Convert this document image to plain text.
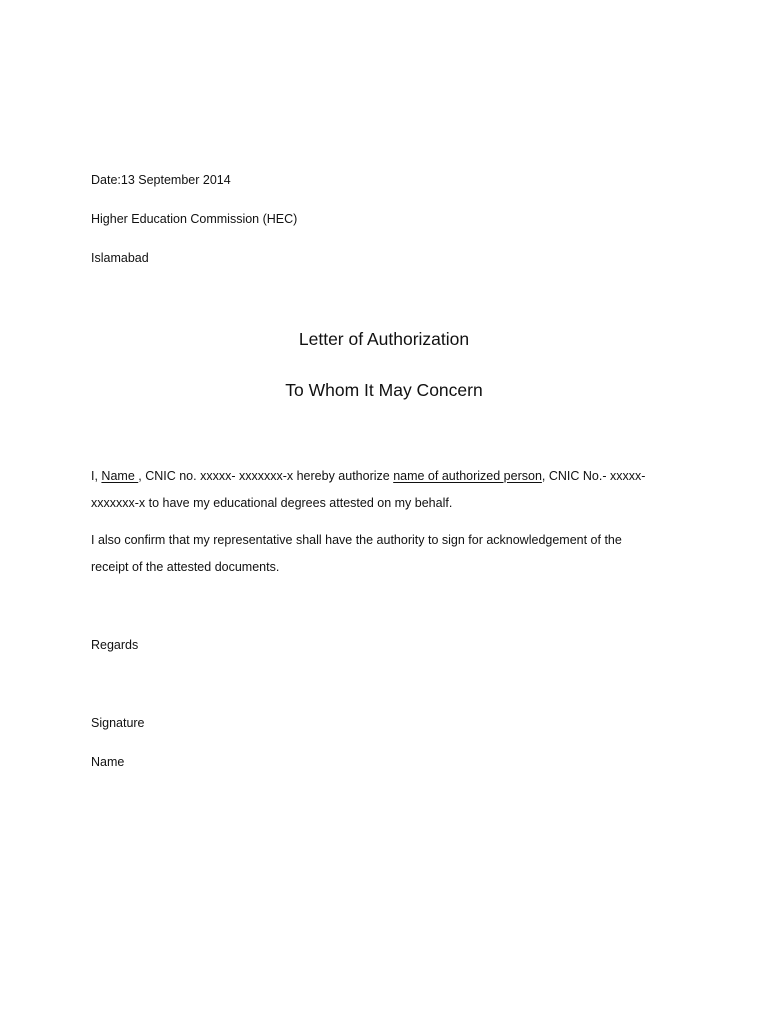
Date:13 September 2014
Higher Education Commission (HEC)
Islamabad
Letter of Authorization
To Whom It May Concern
I, Name , CNIC no. xxxxx- xxxxxxx-x hereby authorize name of authorized person, CNIC No.- xxxxx-
xxxxxxx-x to have my educational degrees attested on my behalf.
I also confirm that my representative shall have the authority to sign for acknowledgement of the
receipt of the attested documents.
Regards
Signature
Name
